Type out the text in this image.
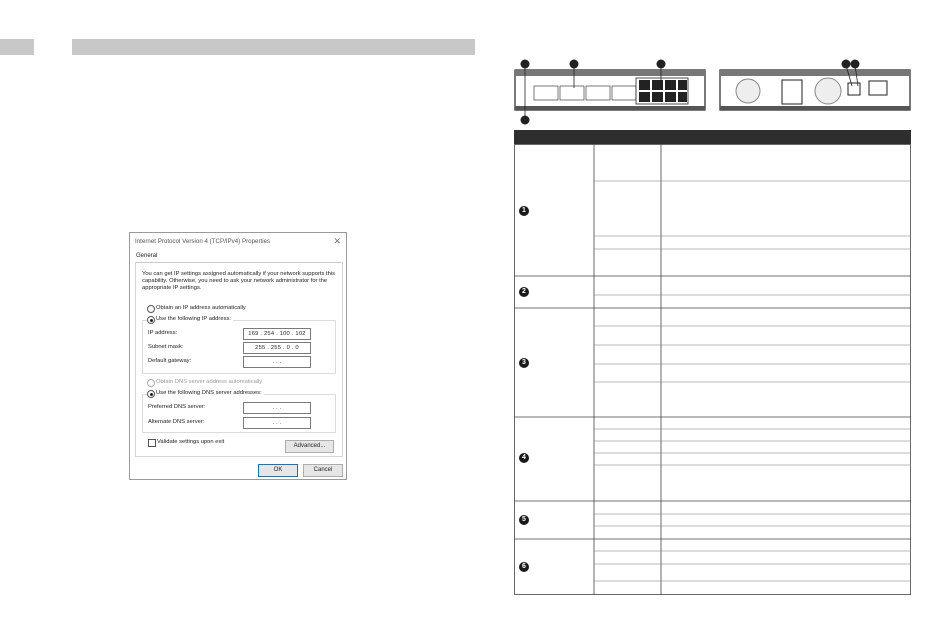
Internet Protocol Version 4 (TCP/IPv4) Properties	✕
General
You can get IP settings assigned automatically if your network supports this capability. Otherwise, you need to ask your network administrator for the appropriate IP settings.
Obtain an IP address automatically
Use the following IP address:
IP address:	169 . 254 . 100 . 102
Subnet mask:	255 . 255 . 0 . 0
Default gateway:	. . .
Obtain DNS server address automatically
Use the following DNS server addresses:
Preferred DNS server:	. . .
Alternate DNS server:	. . .
Validate settings upon exit
Advanced...
OK	Cancel
1
2
3
4
5
6
